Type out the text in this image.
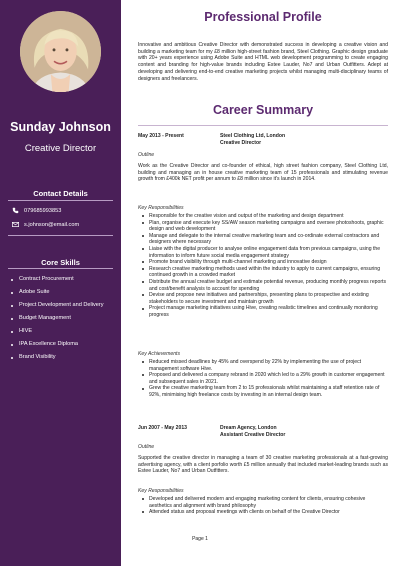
Sunday Johnson
Creative Director
Contact Details
079685993853
s.johnson@email.com
Core Skills
Contract Procurement
Adobe Suite
Project Development and Delivery
Budget Management
HIVE
IPA Excellence Diploma
Brand Visibility
Professional Profile
Innovative and ambitious Creative Director with demonstrated success in developing a creative vision and building a marketing team for my £8 million high-street fashion brand, Steel Clothing. Graphic design graduate with 20+ years experience using Adobe Suite and HTML web development programming to create engaging content and branding for high-value brands including Estee Lauder, No7 and Urban Outfitters. Adept at developing and delivering end-to-end creative marketing projects whilst managing multi-disciplinary teams of designers and freelancers.
Career Summary
May 2013 - Present	Steel Clothing Ltd, London
Creative Director
Outline
Work as the Creative Director and co-founder of ethical, high street fashion company, Steel Clothing Ltd, building and managing an in house creative marketing team of 15 professionals and stimulating revenue growth from £400k NET profit per annum to £8 million since it's launch in 2014.
Key Responsibilities
Responsible for the creative vision and output of the marketing and design department
Plan, organise and execute key SS/AW season marketing campaigns and oversee photoshoots, graphic design and web development
Manage and delegate to the internal creative marketing team and co-ordinate external contractors and designers where necessary
Liaise with the digital producer to analyse online engagement data from previous campaigns, using the information to inform future social media engagement strategy
Promote brand visibility through multi-channel marketing and innovative design
Research creative marketing methods used within the industry to apply to current campaigns, ensuring continued growth in a crowded market
Distribute the annual creative budget and estimate potential revenue, producing monthly progress reports and cost/benefit analysis to account for spending
Devise and propose new initiatives and partnerships, presenting plans to prospective and existing stakeholders to secure investment and maintain growth
Project manage marketing initiatives using Hive, creating realistic timelines and continually monitoring progress
Key Achievements
Reduced missed deadlines by 45% and overspend by 22% by implementing the use of project management software Hive.
Proposed and delivered a company rebrand in 2020 which led to a 29% growth in customer engagement and subsequent sales in 2021.
Grew the creative marketing team from 2 to 15 professionals whilst maintaining a staff retention rate of 92%, minimising high freelance costs by investing in an internal design team.
Jun 2007 - May 2013	Dream Agency, London
Assistant Creative Director
Outline
Supported the creative director in managing a team of 30 creative marketing professionals at a fast-growing advertising agency, with a client porfolio worth £5 million annually that included market-leading brands such as Estee Lauder, No7 and Urban Outfitters.
Key Responsibilities
Developed and delivered modern and engaging marketing content for clients, ensuring cohesive aesthetics and alignment with brand philosophy
Attended status and proposal meetings with clients on behalf of the Creative Director
Page 1
